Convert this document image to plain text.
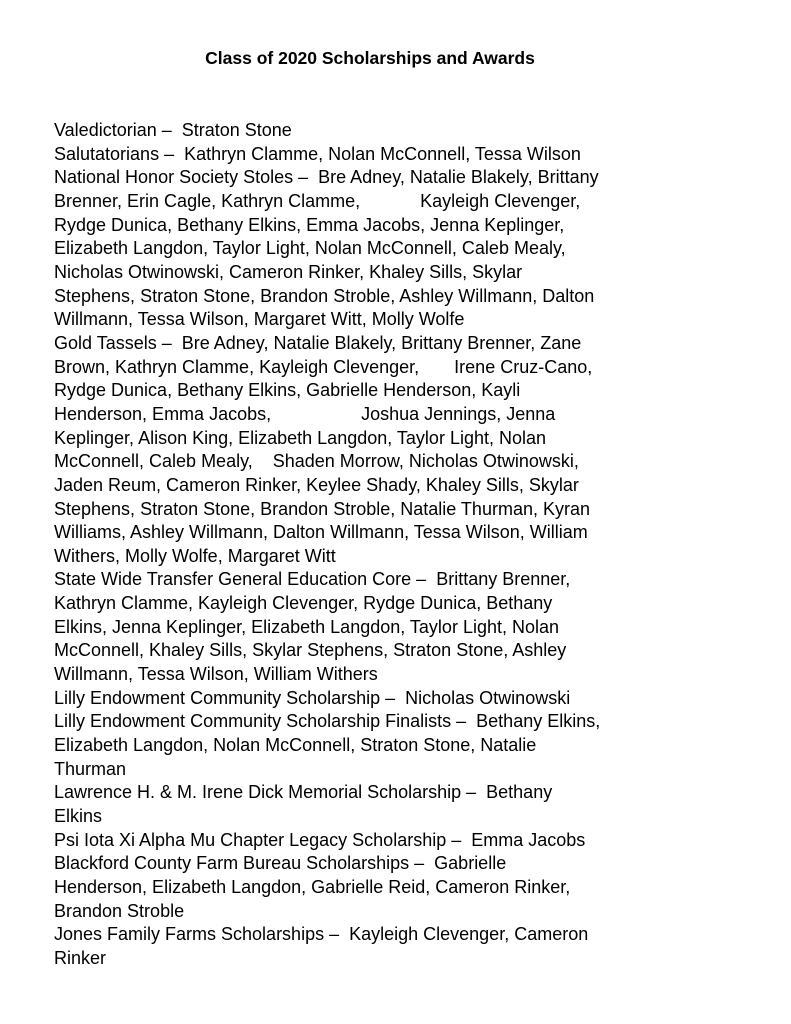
Class of 2020 Scholarships and Awards
Valedictorian –  Straton Stone
Salutatorians –  Kathryn Clamme, Nolan McConnell, Tessa Wilson
National Honor Society Stoles –  Bre Adney, Natalie Blakely, Brittany
Brenner, Erin Cagle, Kathryn Clamme,            Kayleigh Clevenger,
Rydge Dunica, Bethany Elkins, Emma Jacobs, Jenna Keplinger,
Elizabeth Langdon, Taylor Light, Nolan McConnell, Caleb Mealy,
Nicholas Otwinowski, Cameron Rinker, Khaley Sills, Skylar
Stephens, Straton Stone, Brandon Stroble, Ashley Willmann, Dalton
Willmann, Tessa Wilson, Margaret Witt, Molly Wolfe
Gold Tassels –  Bre Adney, Natalie Blakely, Brittany Brenner, Zane
Brown, Kathryn Clamme, Kayleigh Clevenger,       Irene Cruz-Cano,
Rydge Dunica, Bethany Elkins, Gabrielle Henderson, Kayli
Henderson, Emma Jacobs,                  Joshua Jennings, Jenna
Keplinger, Alison King, Elizabeth Langdon, Taylor Light, Nolan
McConnell, Caleb Mealy,    Shaden Morrow, Nicholas Otwinowski,
Jaden Reum, Cameron Rinker, Keylee Shady, Khaley Sills, Skylar
Stephens, Straton Stone, Brandon Stroble, Natalie Thurman, Kyran
Williams, Ashley Willmann, Dalton Willmann, Tessa Wilson, William
Withers, Molly Wolfe, Margaret Witt
State Wide Transfer General Education Core –  Brittany Brenner,
Kathryn Clamme, Kayleigh Clevenger, Rydge Dunica, Bethany
Elkins, Jenna Keplinger, Elizabeth Langdon, Taylor Light, Nolan
McConnell, Khaley Sills, Skylar Stephens, Straton Stone, Ashley
Willmann, Tessa Wilson, William Withers
Lilly Endowment Community Scholarship –  Nicholas Otwinowski
Lilly Endowment Community Scholarship Finalists –  Bethany Elkins,
Elizabeth Langdon, Nolan McConnell, Straton Stone, Natalie
Thurman
Lawrence H. & M. Irene Dick Memorial Scholarship –  Bethany
Elkins
Psi Iota Xi Alpha Mu Chapter Legacy Scholarship –  Emma Jacobs
Blackford County Farm Bureau Scholarships –  Gabrielle
Henderson, Elizabeth Langdon, Gabrielle Reid, Cameron Rinker,
Brandon Stroble
Jones Family Farms Scholarships –  Kayleigh Clevenger, Cameron
Rinker
